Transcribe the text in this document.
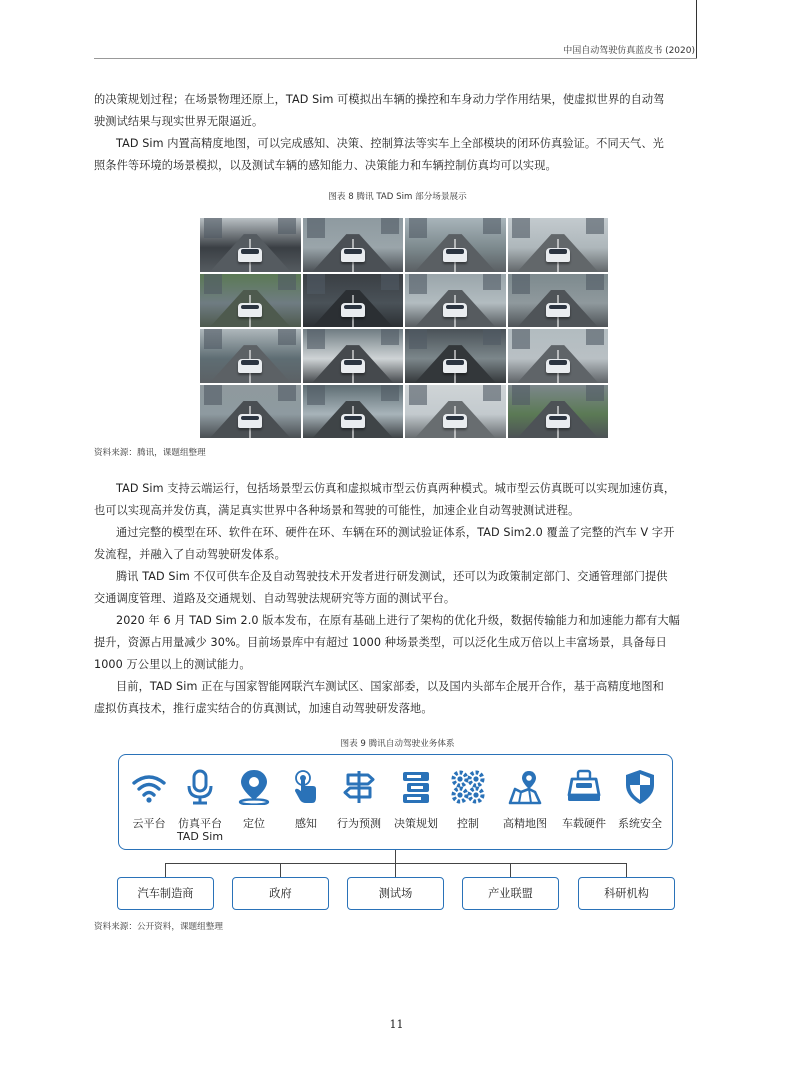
中国自动驾驶仿真蓝皮书 (2020)
的决策规划过程；在场景物理还原上，TAD Sim 可模拟出车辆的操控和车身动力学作用结果，使虚拟世界的自动驾
驶测试结果与现实世界无限逼近。
TAD Sim 内置高精度地图，可以完成感知、决策、控制算法等实车上全部模块的闭环仿真验证。不同天气、光
照条件等环境的场景模拟，以及测试车辆的感知能力、决策能力和车辆控制仿真均可以实现。
图表 8 腾讯 TAD Sim 部分场景展示
资料来源：腾讯，课题组整理
TAD Sim 支持云端运行，包括场景型云仿真和虚拟城市型云仿真两种模式。城市型云仿真既可以实现加速仿真，
也可以实现高并发仿真，满足真实世界中各种场景和驾驶的可能性，加速企业自动驾驶测试进程。
通过完整的模型在环、软件在环、硬件在环、车辆在环的测试验证体系，TAD Sim2.0 覆盖了完整的汽车 V 字开
发流程，并融入了自动驾驶研发体系。
腾讯 TAD Sim 不仅可供车企及自动驾驶技术开发者进行研发测试，还可以为政策制定部门、交通管理部门提供
交通调度管理、道路及交通规划、自动驾驶法规研究等方面的测试平台。
2020 年 6 月 TAD Sim 2.0 版本发布，在原有基础上进行了架构的优化升级，数据传输能力和加速能力都有大幅
提升，资源占用量减少 30%。目前场景库中有超过 1000 种场景类型，可以泛化生成万倍以上丰富场景，具备每日
1000 万公里以上的测试能力。
目前，TAD Sim 正在与国家智能网联汽车测试区、国家部委，以及国内头部车企展开合作，基于高精度地图和
虚拟仿真技术，推行虚实结合的仿真测试，加速自动驾驶研发落地。
图表 9 腾讯自动驾驶业务体系
云平台	仿真平台
TAD Sim
定位	感知	行为预测	决策规划	控制	高精地图	车载硬件	系统安全
汽车制造商	政府	测试场	产业联盟	科研机构
资料来源：公开资料，课题组整理
11
